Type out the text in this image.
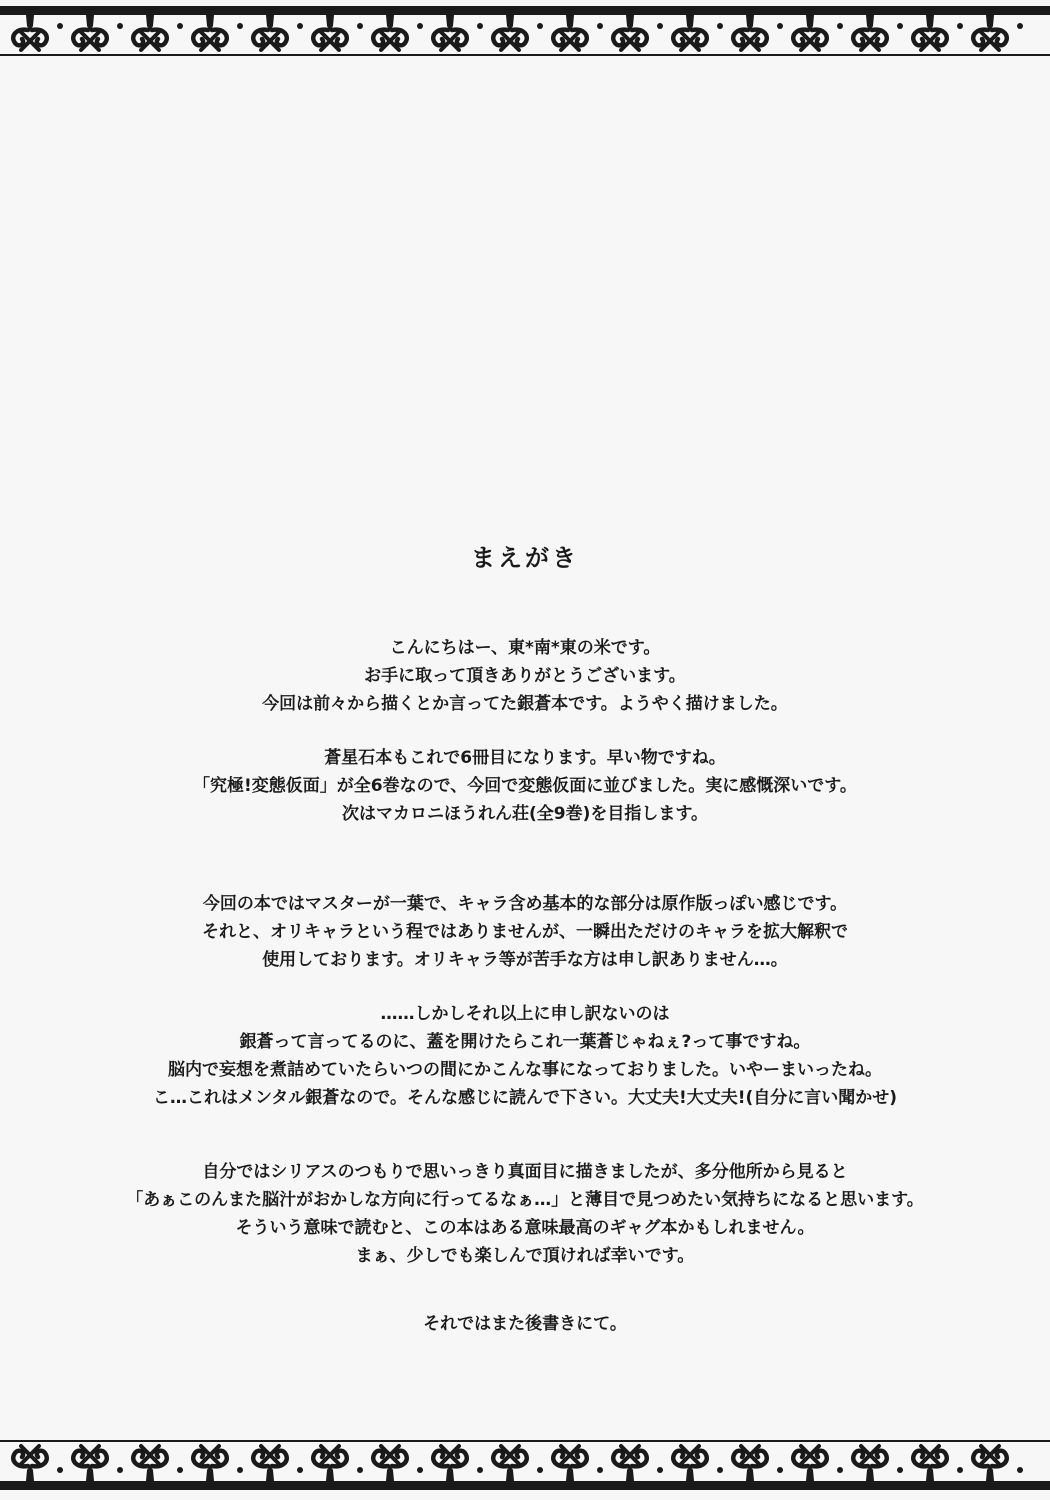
まえがき
こんにちはー、東*南*東の米です。
お手に取って頂きありがとうございます。
今回は前々から描くとか言ってた銀蒼本です。ようやく描けました。
蒼星石本もこれで6冊目になります。早い物ですね。
「究極!変態仮面」が全6巻なので、今回で変態仮面に並びました。実に感慨深いです。
次はマカロニほうれん荘(全9巻)を目指します。
今回の本ではマスターが一葉で、キャラ含め基本的な部分は原作版っぽい感じです。
それと、オリキャラという程ではありませんが、一瞬出ただけのキャラを拡大解釈で
使用しております。オリキャラ等が苦手な方は申し訳ありません…。
……しかしそれ以上に申し訳ないのは
銀蒼って言ってるのに、蓋を開けたらこれ一葉蒼じゃねぇ?って事ですね。
脳内で妄想を煮詰めていたらいつの間にかこんな事になっておりました。いやーまいったね。
こ…これはメンタル銀蒼なので。そんな感じに読んで下さい。大丈夫!大丈夫!(自分に言い聞かせ)
自分ではシリアスのつもりで思いっきり真面目に描きましたが、多分他所から見ると
「あぁこのんまた脳汁がおかしな方向に行ってるなぁ…」と薄目で見つめたい気持ちになると思います。
そういう意味で読むと、この本はある意味最高のギャグ本かもしれません。
まぁ、少しでも楽しんで頂ければ幸いです。
それではまた後書きにて。
